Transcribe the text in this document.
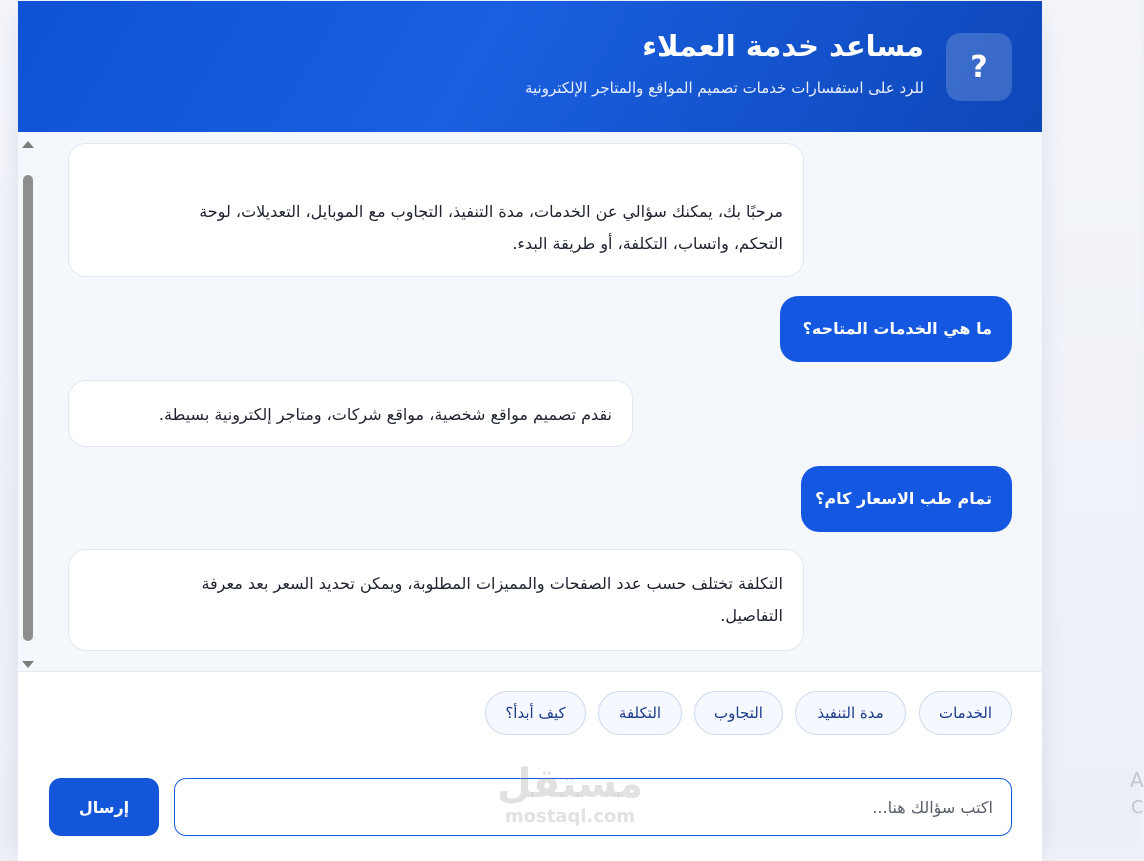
?
مساعد خدمة العملاء
للرد على استفسارات خدمات تصميم المواقع والمتاجر الإلكترونية
مرحبًا بك، يمكنك سؤالي عن الخدمات، مدة التنفيذ، التجاوب مع الموبايل، التعديلات، لوحة
التحكم، واتساب، التكلفة، أو طريقة البدء.
ما هي الخدمات المتاحه؟
نقدم تصميم مواقع شخصية، مواقع شركات، ومتاجر إلكترونية بسيطة.
تمام طب الاسعار كام؟
التكلفة تختلف حسب عدد الصفحات والمميزات المطلوبة، ويمكن تحديد السعر بعد معرفة
التفاصيل.
الخدمات
مدة التنفيذ
التجاوب
التكلفة
كيف أبدأ؟
إرسال
اكتب سؤالك هنا...
مستقل
mostaql.com
A
C
